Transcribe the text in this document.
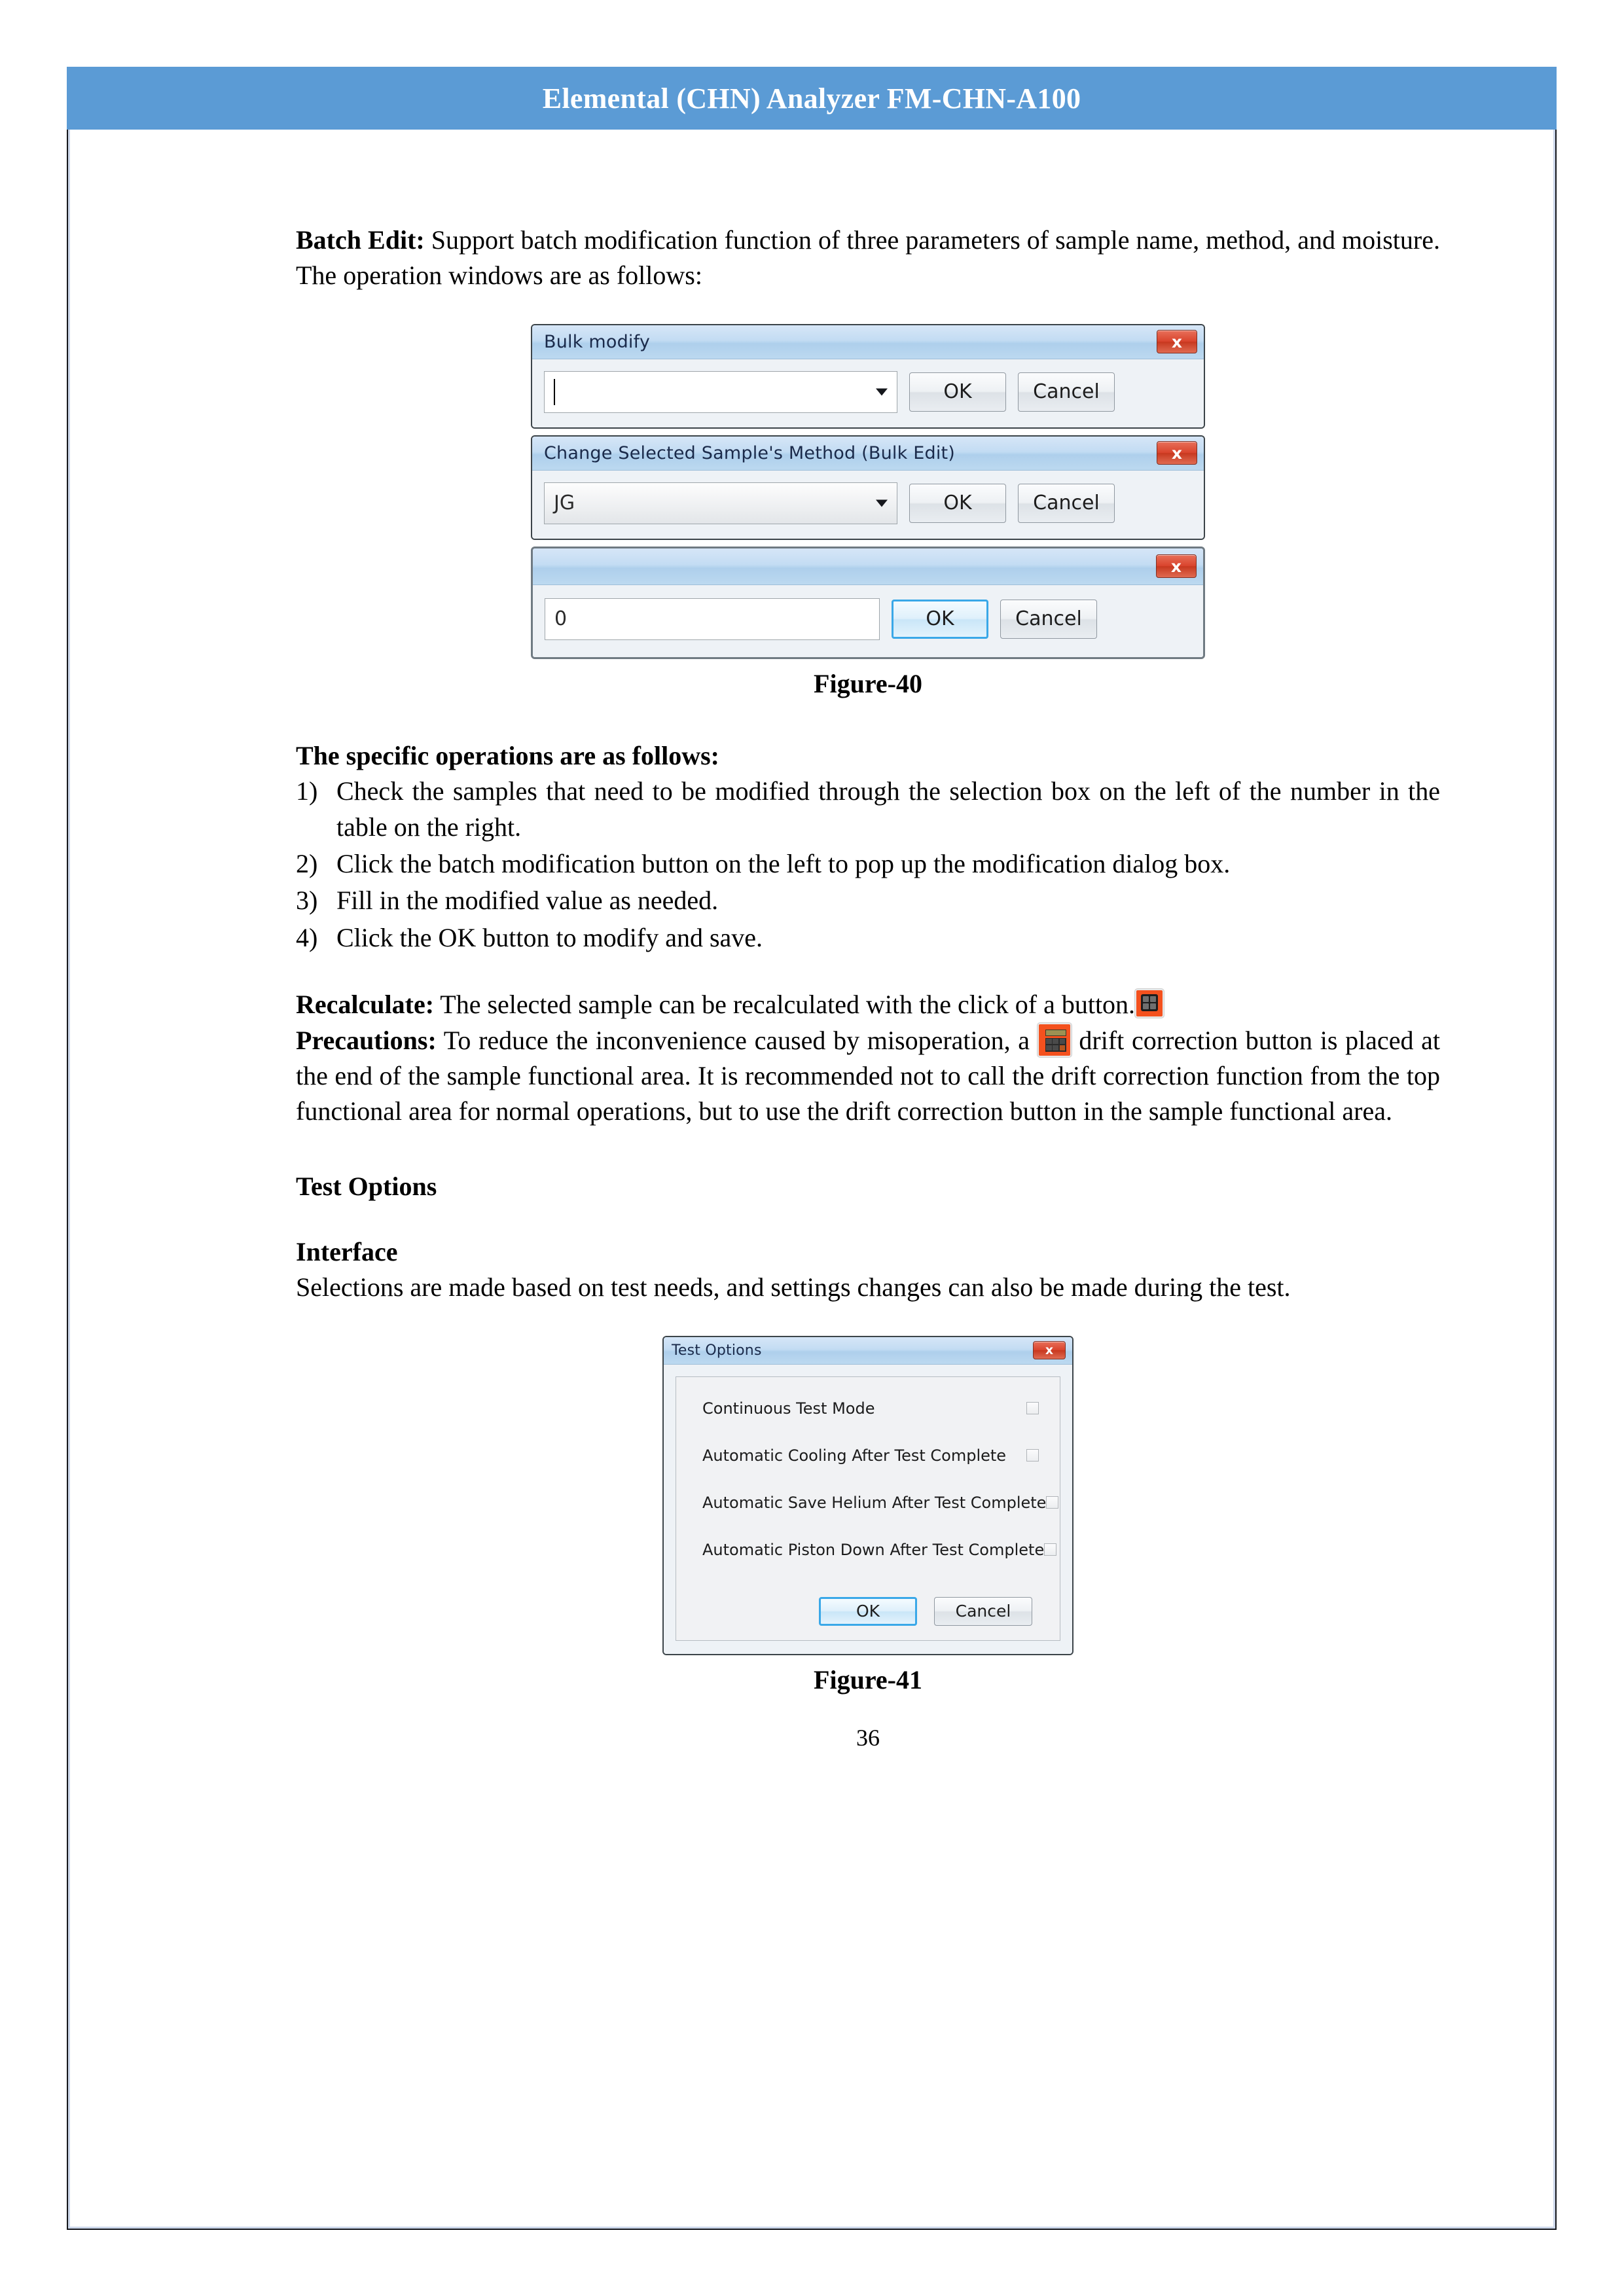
Elemental (CHN) Analyzer FM-CHN-A100

Batch Edit: Support batch modification function of three parameters of sample name, method, and moisture. The operation windows are as follows:

Bulk modify	x
OK	Cancel
Change Selected Sample's Method (Bulk Edit)	x
JG	OK	Cancel
x
0	OK	Cancel
Figure-40
The specific operations are as follows:
1) Check the samples that need to be modified through the selection box on the left of the number in the table on the right.
2) Click the batch modification button on the left to pop up the modification dialog box.
3) Fill in the modified value as needed.
4) Click the OK button to modify and save.
Recalculate: The selected sample can be recalculated with the click of a button.

Precautions: To reduce the inconvenience caused by misoperation, a
drift correction button is placed at the end of the sample functional area. It is recommended not to call the drift correction function from the top functional area for normal operations, but to use the drift correction button in the sample functional area.
Test Options
Interface

Selections are made based on test needs, and settings changes can also be made during the test.

Test Options	x
Continuous Test Mode
Automatic Cooling After Test Complete
Automatic Save Helium After Test Complete
Automatic Piston Down After Test Complete
OK	Cancel
Figure-41
36
